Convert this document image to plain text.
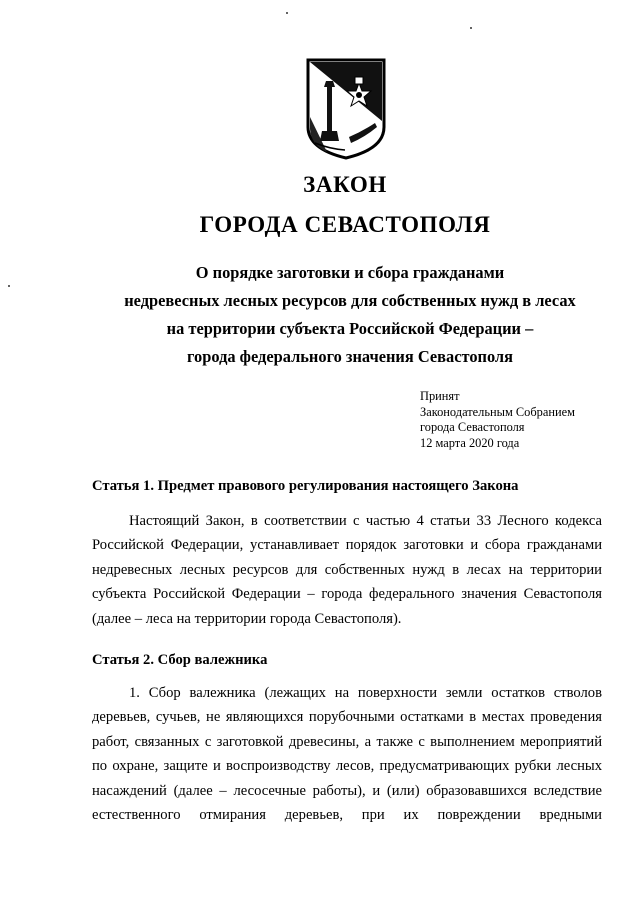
ЗАКОН
ГОРОДА СЕВАСТОПОЛЯ
О порядке заготовки и сбора гражданами
недревесных лесных ресурсов для собственных нужд в лесах
на территории субъекта Российской Федерации –
города федерального значения Севастополя
Принят
Законодательным Собранием
города Севастополя
12 марта 2020 года
Статья 1. Предмет правового регулирования настоящего Закона
Настоящий Закон, в соответствии с частью 4 статьи 33 Лесного кодекса
Российской Федерации, устанавливает порядок заготовки и сбора гражданами
недревесных лесных ресурсов для собственных нужд в лесах на территории
субъекта Российской Федерации – города федерального значения Севастополя
(далее – леса на территории города Севастополя).
Статья 2. Сбор валежника
1. Сбор валежника (лежащих на поверхности земли остатков стволов
деревьев, сучьев, не являющихся порубочными остатками в местах проведения
работ, связанных с заготовкой древесины, а также с выполнением мероприятий
по охране, защите и воспроизводству лесов, предусматривающих рубки лесных
насаждений (далее – лесосечные работы), и (или) образовавшихся вследствие
естественного отмирания деревьев, при их повреждении вредными
